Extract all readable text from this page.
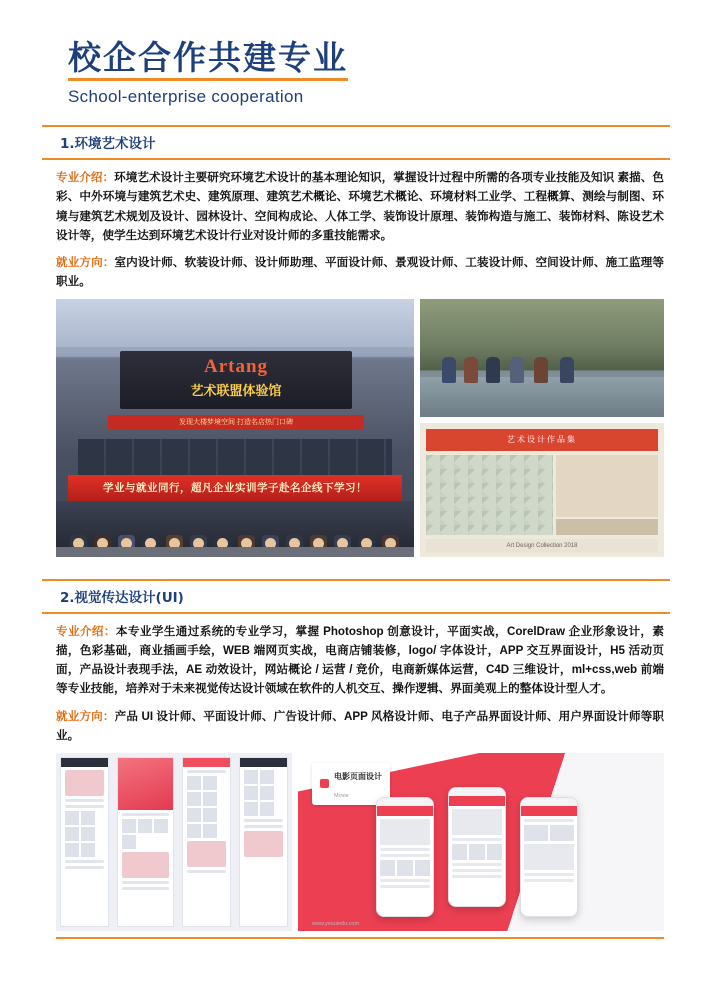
校企合作共建专业
School-enterprise cooperation
1.环境艺术设计

专业介绍：环境艺术设计主要研究环境艺术设计的基本理论知识，掌握设计过程中所需的各项专业技能及知识 素描、色彩、中外环境与建筑艺术史、建筑原理、建筑艺术概论、环境艺术概论、环境材料工业学、工程概算、测绘与制图、环境与建筑艺术规划及设计、园林设计、空间构成论、人体工学、装饰设计原理、装饰构造与施工、装饰材料、陈设艺术设计等，使学生达到环境艺术设计行业对设计师的多重技能需求。

就业方向：室内设计师、软装设计师、设计师助理、平面设计师、景观设计师、工装设计师、空间设计师、施工监理等职业。

Artang
艺术联盟体验馆
发现大楼梦境空间 打造名店热门口碑
学业与就业同行，超凡企业实训学子赴名企线下学习！
艺术设计作品集
Art Design Collection 2018
2.视觉传达设计(UI)

专业介绍：本专业学生通过系统的专业学习，掌握 Photoshop 创意设计，平面实战，CorelDraw 企业形象设计，素描，色彩基础，商业插画手绘，WEB 端网页实战，电商店铺装修，logo/ 字体设计，APP 交互界面设计，H5 活动页面，产品设计表现手法，AE 动效设计，网站概论 / 运营 / 竞价，电商新媒体运营，C4D 三维设计，ml+css,web 前端等专业技能，培养对于未来视觉传达设计领域在软件的人机交互、操作逻辑、界面美观上的整体设计型人才。

就业方向：产品 UI 设计师、平面设计师、广告设计师、APP 风格设计师、电子产品界面设计师、用户界面设计师等职业。

电影页面设计
Movie
www.yesuiedu.com
